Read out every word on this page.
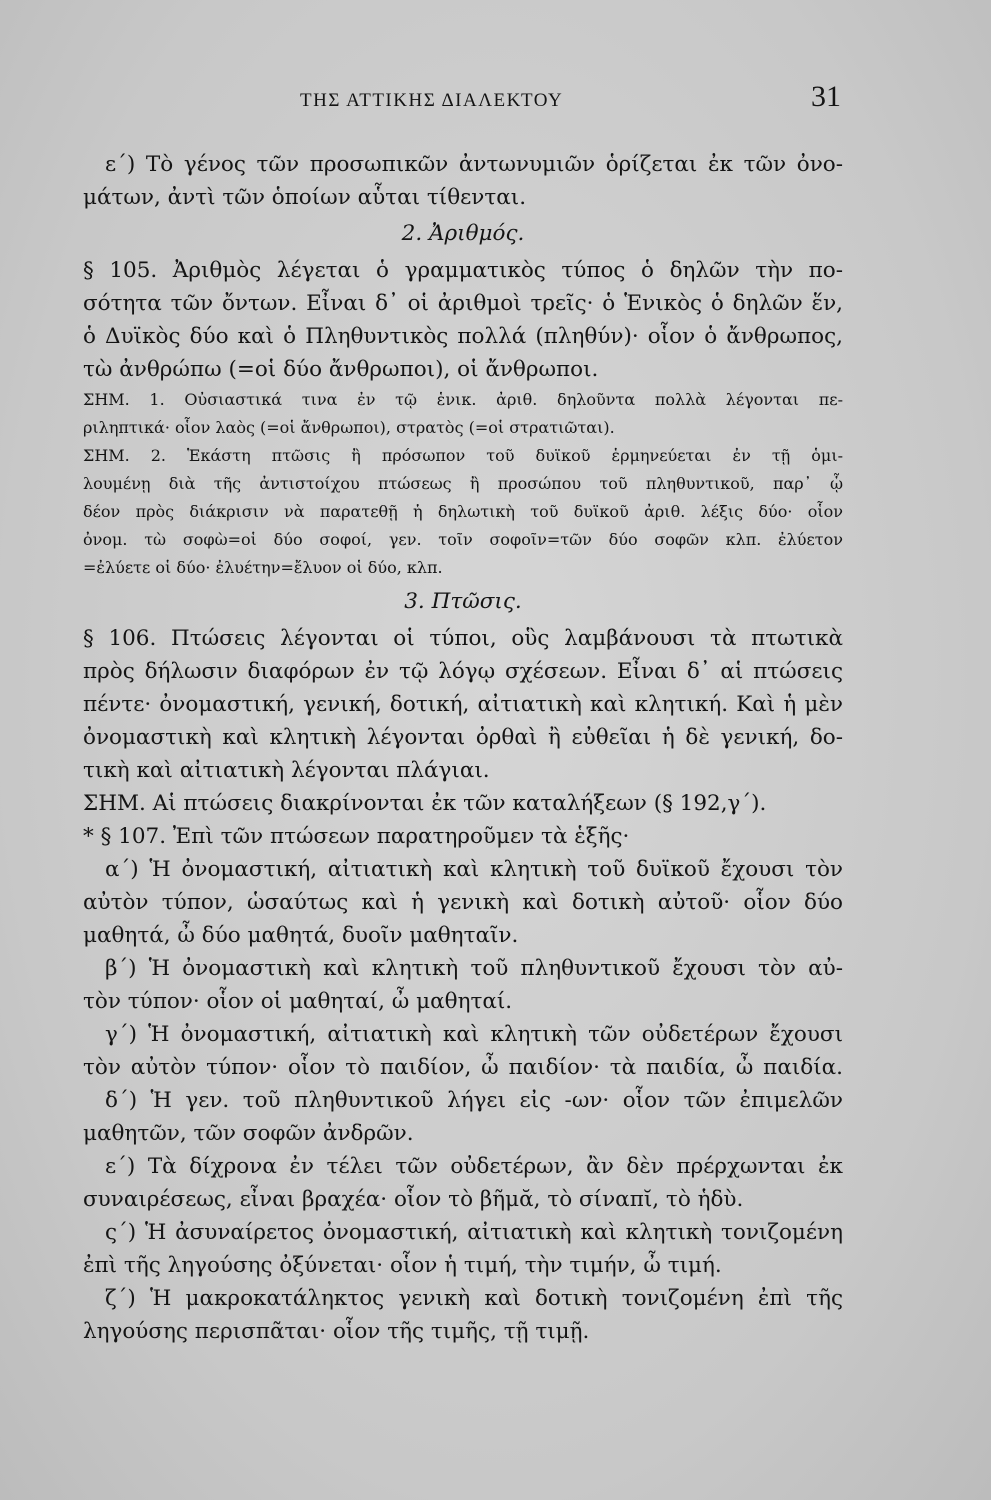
ΤΗΣ ΑΤΤΙΚΗΣ ΔΙΑΛΕΚΤΟΥ	31
ε΄) Τὸ γένος τῶν προσωπικῶν ἀντωνυμιῶν ὁρίζεται ἐκ τῶν ὀνο-
μάτων, ἀντὶ τῶν ὁποίων αὗται τίθενται.
2. Ἀριθμός.
§ 105. Ἀριθμὸς λέγεται ὁ γραμματικὸς τύπος ὁ δηλῶν τὴν πο-
σότητα τῶν ὄντων. Εἶναι δ᾽ οἱ ἀριθμοὶ τρεῖς· ὁ Ἑνικὸς ὁ δηλῶν ἕν,
ὁ Δυϊκὸς δύο καὶ ὁ Πληθυντικὸς πολλά (πληθύν)· οἷον ὁ ἄνθρωπος,
τὼ ἀνθρώπω (=οἱ δύο ἄνθρωποι), οἱ ἄνθρωποι.
ΣΗΜ. 1. Οὐσιαστικά τινα ἐν τῷ ἑνικ. ἀριθ. δηλοῦντα πολλὰ λέγονται πε-
ριληπτικά· οἷον λαὸς (=οἱ ἄνθρωποι), στρατὸς (=οἱ στρατιῶται).
ΣΗΜ. 2. Ἑκάστη πτῶσις ἢ πρόσωπον τοῦ δυϊκοῦ ἑρμηνεύεται ἐν τῇ ὁμι-
λουμένῃ διὰ τῆς ἀντιστοίχου πτώσεως ἢ προσώπου τοῦ πληθυντικοῦ, παρ᾽ ᾧ
δέον πρὸς διάκρισιν νὰ παρατεθῇ ἡ δηλωτικὴ τοῦ δυϊκοῦ ἀριθ. λέξις δύο· οἷον
ὀνομ. τὼ σοφὼ=οἱ δύο σοφοί, γεν. τοῖν σοφοῖν=τῶν δύο σοφῶν κλπ. ἐλύετον
=ἐλύετε οἱ δύο· ἐλυέτην=ἔλυον οἱ δύο, κλπ.
3. Πτῶσις.
§ 106. Πτώσεις λέγονται οἱ τύποι, οὓς λαμβάνουσι τὰ πτωτικὰ
πρὸς δήλωσιν διαφόρων ἐν τῷ λόγῳ σχέσεων. Εἶναι δ᾽ αἱ πτώσεις
πέντε· ὀνομαστική, γενική, δοτική, αἰτιατικὴ καὶ κλητική. Καὶ ἡ μὲν
ὀνομαστικὴ καὶ κλητικὴ λέγονται ὀρθαὶ ἢ εὐθεῖαι ἡ δὲ γενική, δο-
τικὴ καὶ αἰτιατικὴ λέγονται πλάγιαι.
ΣΗΜ. Αἱ πτώσεις διακρίνονται ἐκ τῶν καταλήξεων (§ 192,γ΄).
* § 107. Ἐπὶ τῶν πτώσεων παρατηροῦμεν τὰ ἑξῆς·
α΄) Ἡ ὀνομαστική, αἰτιατικὴ καὶ κλητικὴ τοῦ δυϊκοῦ ἔχουσι τὸν
αὐτὸν τύπον, ὡσαύτως καὶ ἡ γενικὴ καὶ δοτικὴ αὐτοῦ· οἷον δύο
μαθητά, ὦ δύο μαθητά, δυοῖν μαθηταῖν.
β΄) Ἡ ὀνομαστικὴ καὶ κλητικὴ τοῦ πληθυντικοῦ ἔχουσι τὸν αὐ-
τὸν τύπον· οἷον οἱ μαθηταί, ὦ μαθηταί.
γ΄) Ἡ ὀνομαστική, αἰτιατικὴ καὶ κλητικὴ τῶν οὐδετέρων ἔχουσι
τὸν αὐτὸν τύπον· οἷον τὸ παιδίον, ὦ παιδίον· τὰ παιδία, ὦ παιδία.
δ΄) Ἡ γεν. τοῦ πληθυντικοῦ λήγει εἰς -ων· οἷον τῶν ἐπιμελῶν
μαθητῶν, τῶν σοφῶν ἀνδρῶν.
ε΄) Τὰ δίχρονα ἐν τέλει τῶν οὐδετέρων, ἂν δὲν πρέρχωνται ἐκ
συναιρέσεως, εἶναι βραχέα· οἷον τὸ βῆμᾰ, τὸ σίναπῐ, τὸ ἡδὺ.
ς΄) Ἡ ἀσυναίρετος ὀνομαστική, αἰτιατικὴ καὶ κλητικὴ τονιζομένη
ἐπὶ τῆς ληγούσης ὀξύνεται· οἷον ἡ τιμή, τὴν τιμήν, ὦ τιμή.
ζ΄) Ἡ μακροκατάληκτος γενικὴ καὶ δοτικὴ τονιζομένη ἐπὶ τῆς
ληγούσης περισπᾶται· οἷον τῆς τιμῆς, τῇ τιμῇ.
